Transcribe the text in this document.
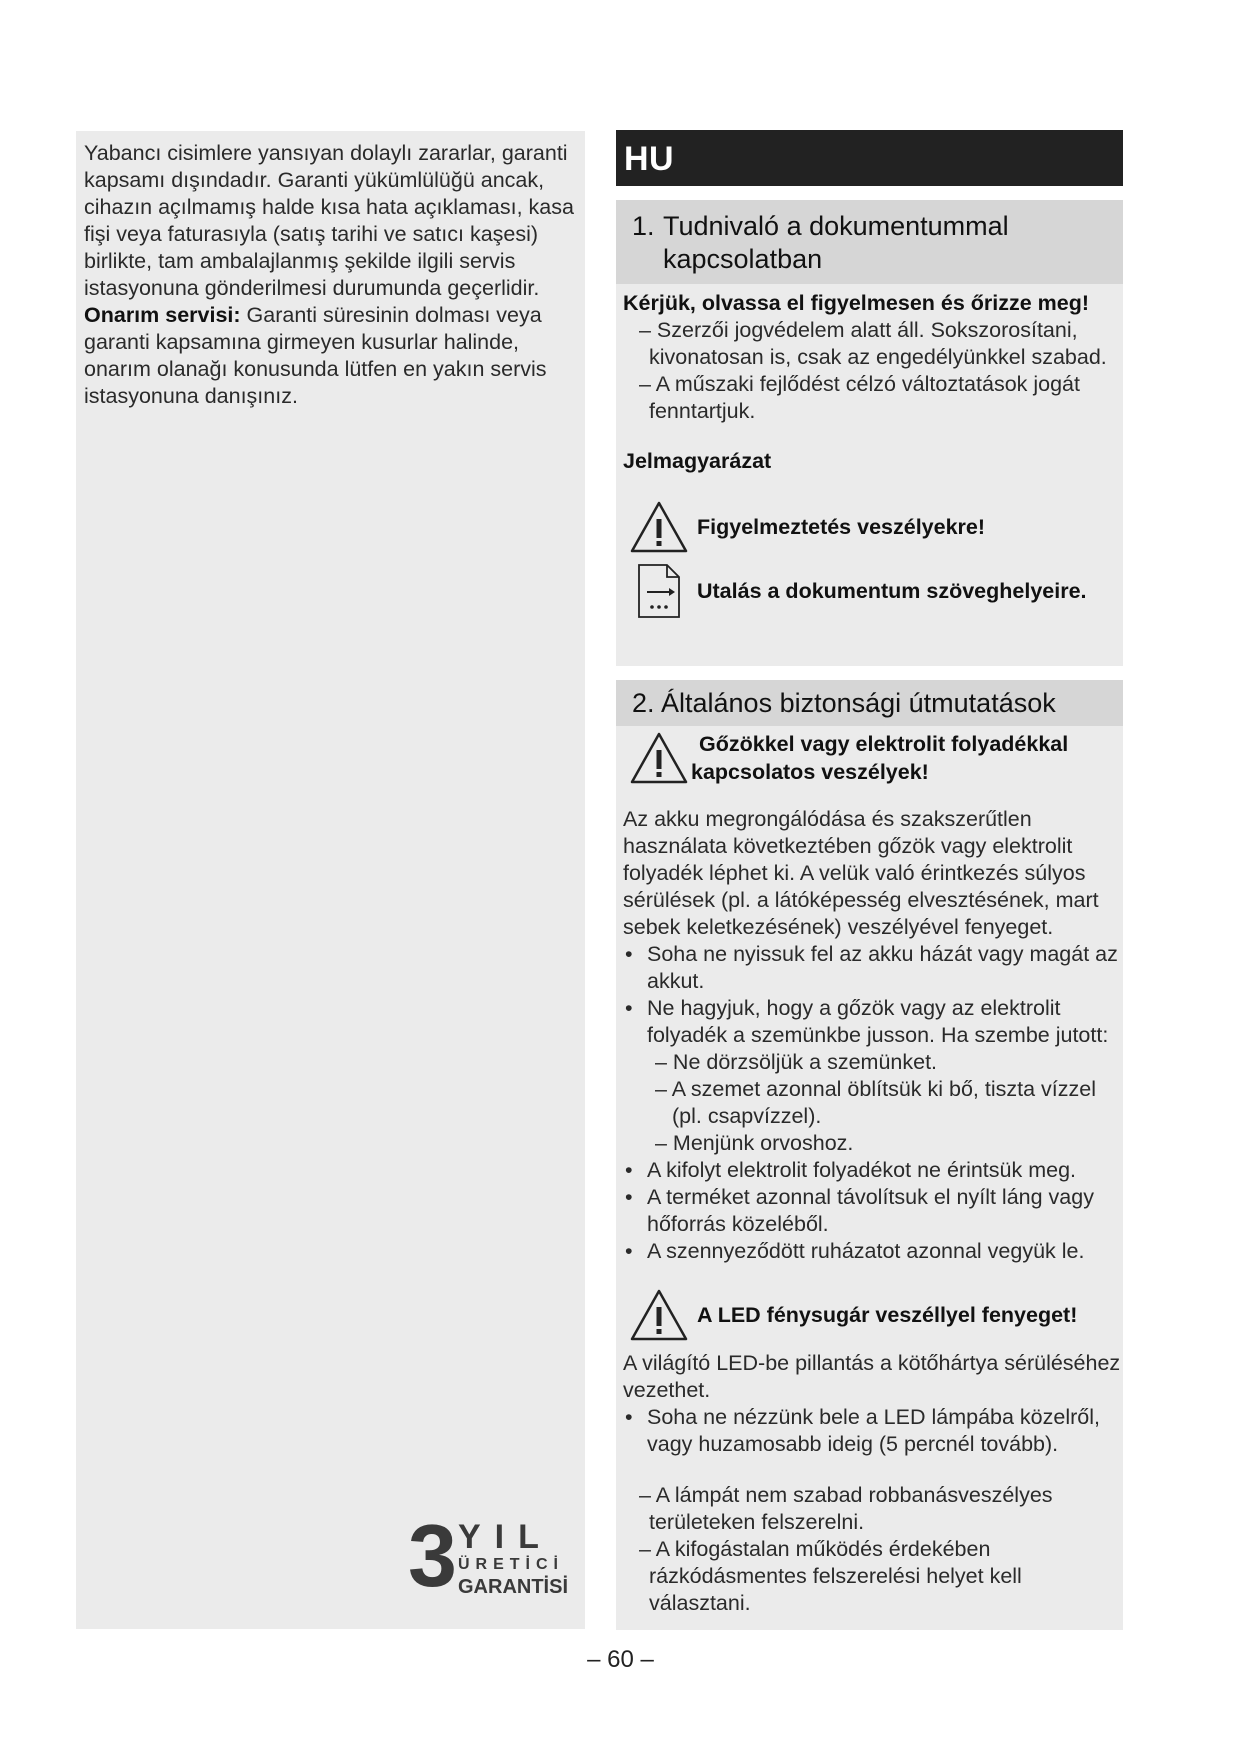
Yabancı cisimlere yansıyan dolaylı zararlar, garanti kapsamı dışındadır. Garanti yükümlülüğü ancak, cihazın açılmamış halde kısa hata açıklaması, kasa fişi veya faturasıyla (satış tarihi ve satıcı kaşesi) birlikte, tam ambalajlanmış şekilde ilgili servis istasyonuna gönderilmesi durumunda geçerlidir.

Onarım servisi: Garanti süresinin dolması veya garanti kapsamına girmeyen kusurlar halinde, onarım olanağı konusunda lütfen en yakın servis istasyonuna danışınız.

3 YIL
ÜRETİCİ
GARANTİSİ
HU
1. Tudnivaló a dokumentummal
kapcsolatban

Kérjük, olvassa el figyelmesen és őrizze meg!

– Szerzői jogvédelem alatt áll. Sokszorosítani, kivonatosan is, csak az engedélyünkkel szabad.

– A műszaki fejlődést célzó változtatások jogát fenntartjuk.

Jelmagyarázat
Figyelmeztetés veszélyekre!
Utalás a dokumentum szöveghelyeire.
2. Általános biztonsági útmutatások
Gőzökkel vagy elektrolit folyadékkal
kapcsolatos veszélyek!

Az akku megrongálódása és szakszerűtlen használata következtében gőzök vagy elektrolit folyadék léphet ki. A velük való érintkezés súlyos sérülések (pl. a látóképesség elvesztésének, mart sebek keletkezésének) veszélyével fenyeget.

• Soha ne nyissuk fel az akku házát vagy magát az akkut.

• Ne hagyjuk, hogy a gőzök vagy az elektrolit folyadék a szemünkbe jusson. Ha szembe jutott:

– Ne dörzsöljük a szemünket.

– A szemet azonnal öblítsük ki bő, tiszta vízzel (pl. csapvízzel).

– Menjünk orvoshoz.

• A kifolyt elektrolit folyadékot ne érintsük meg.

• A terméket azonnal távolítsuk el nyílt láng vagy hőforrás közeléből.

• A szennyeződött ruházatot azonnal vegyük le.

A LED fénysugár veszéllyel fenyeget!

A világító LED-be pillantás a kötőhártya sérüléséhez vezethet.

• Soha ne nézzünk bele a LED lámpába közelről, vagy huzamosabb ideig (5 percnél tovább).

– A lámpát nem szabad robbanásveszélyes területeken felszerelni.

– A kifogástalan működés érdekében rázkódásmentes felszerelési helyet kell választani.

– 60 –
